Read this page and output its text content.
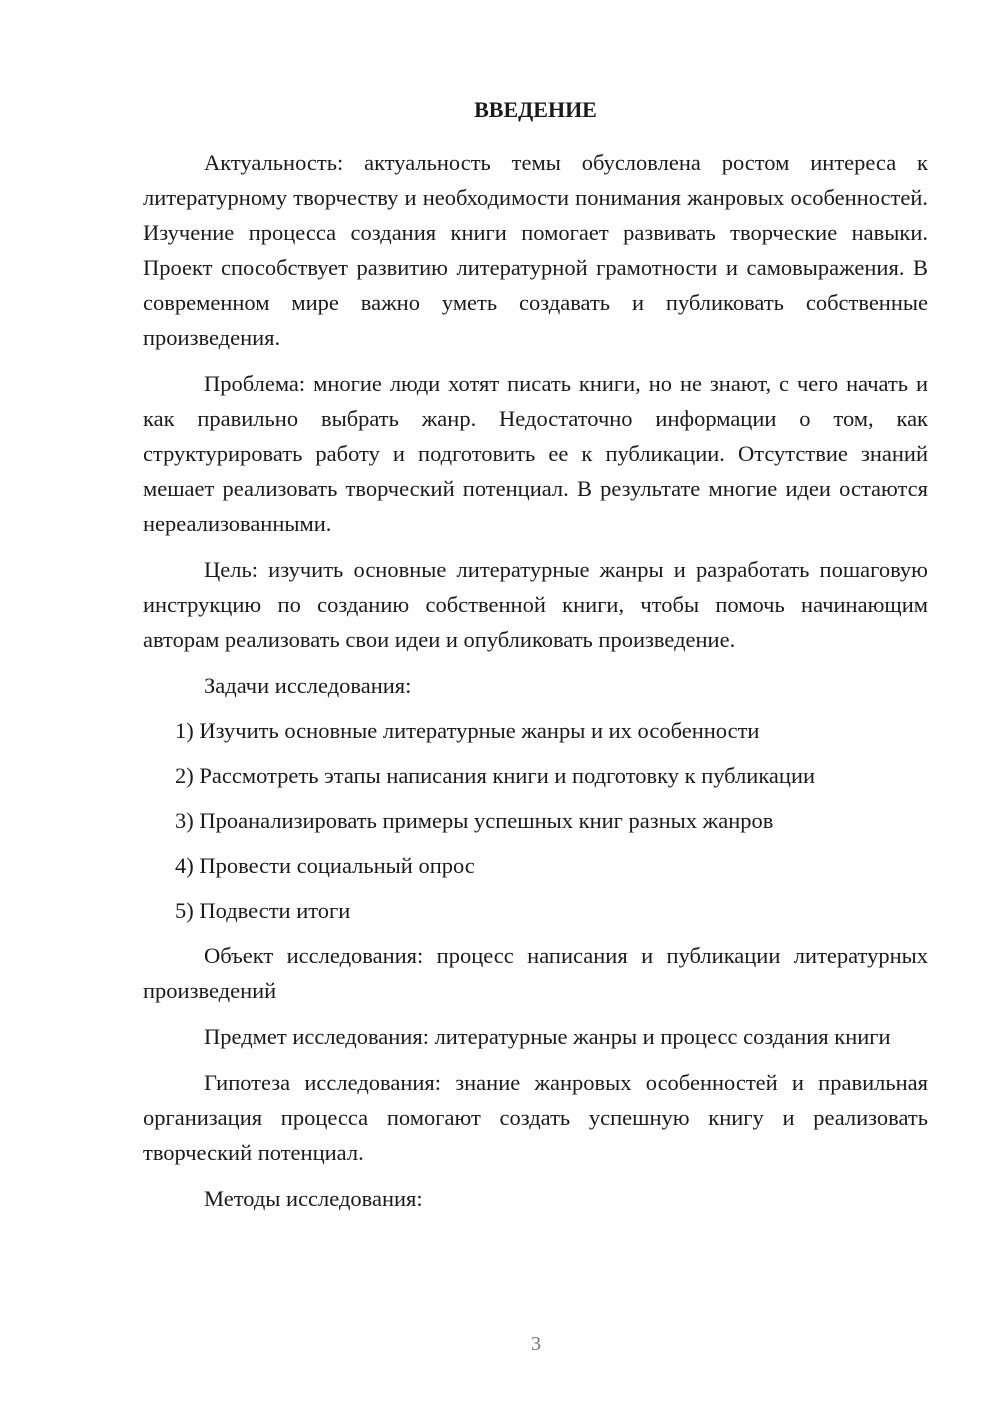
ВВЕДЕНИЕ

Актуальность: актуальность темы обусловлена ростом интереса к литературному творчеству и необходимости понимания жанровых особенностей. Изучение процесса создания книги помогает развивать творческие навыки. Проект способствует развитию литературной грамотности и самовыражения. В современном мире важно уметь создавать и публиковать собственные произведения.

Проблема: многие люди хотят писать книги, но не знают, с чего начать и как правильно выбрать жанр. Недостаточно информации о том, как структурировать работу и подготовить ее к публикации. Отсутствие знаний мешает реализовать творческий потенциал. В результате многие идеи остаются нереализованными.

Цель: изучить основные литературные жанры и разработать пошаговую инструкцию по созданию собственной книги, чтобы помочь начинающим авторам реализовать свои идеи и опубликовать произведение.

Задачи исследования:

1) Изучить основные литературные жанры и их особенности
2) Рассмотреть этапы написания книги и подготовку к публикации
3) Проанализировать примеры успешных книг разных жанров
4) Провести социальный опрос
5) Подвести итоги

Объект исследования: процесс написания и публикации литературных произведений

Предмет исследования: литературные жанры и процесс создания книги

Гипотеза исследования: знание жанровых особенностей и правильная организация процесса помогают создать успешную книгу и реализовать творческий потенциал.

Методы исследования:

3
